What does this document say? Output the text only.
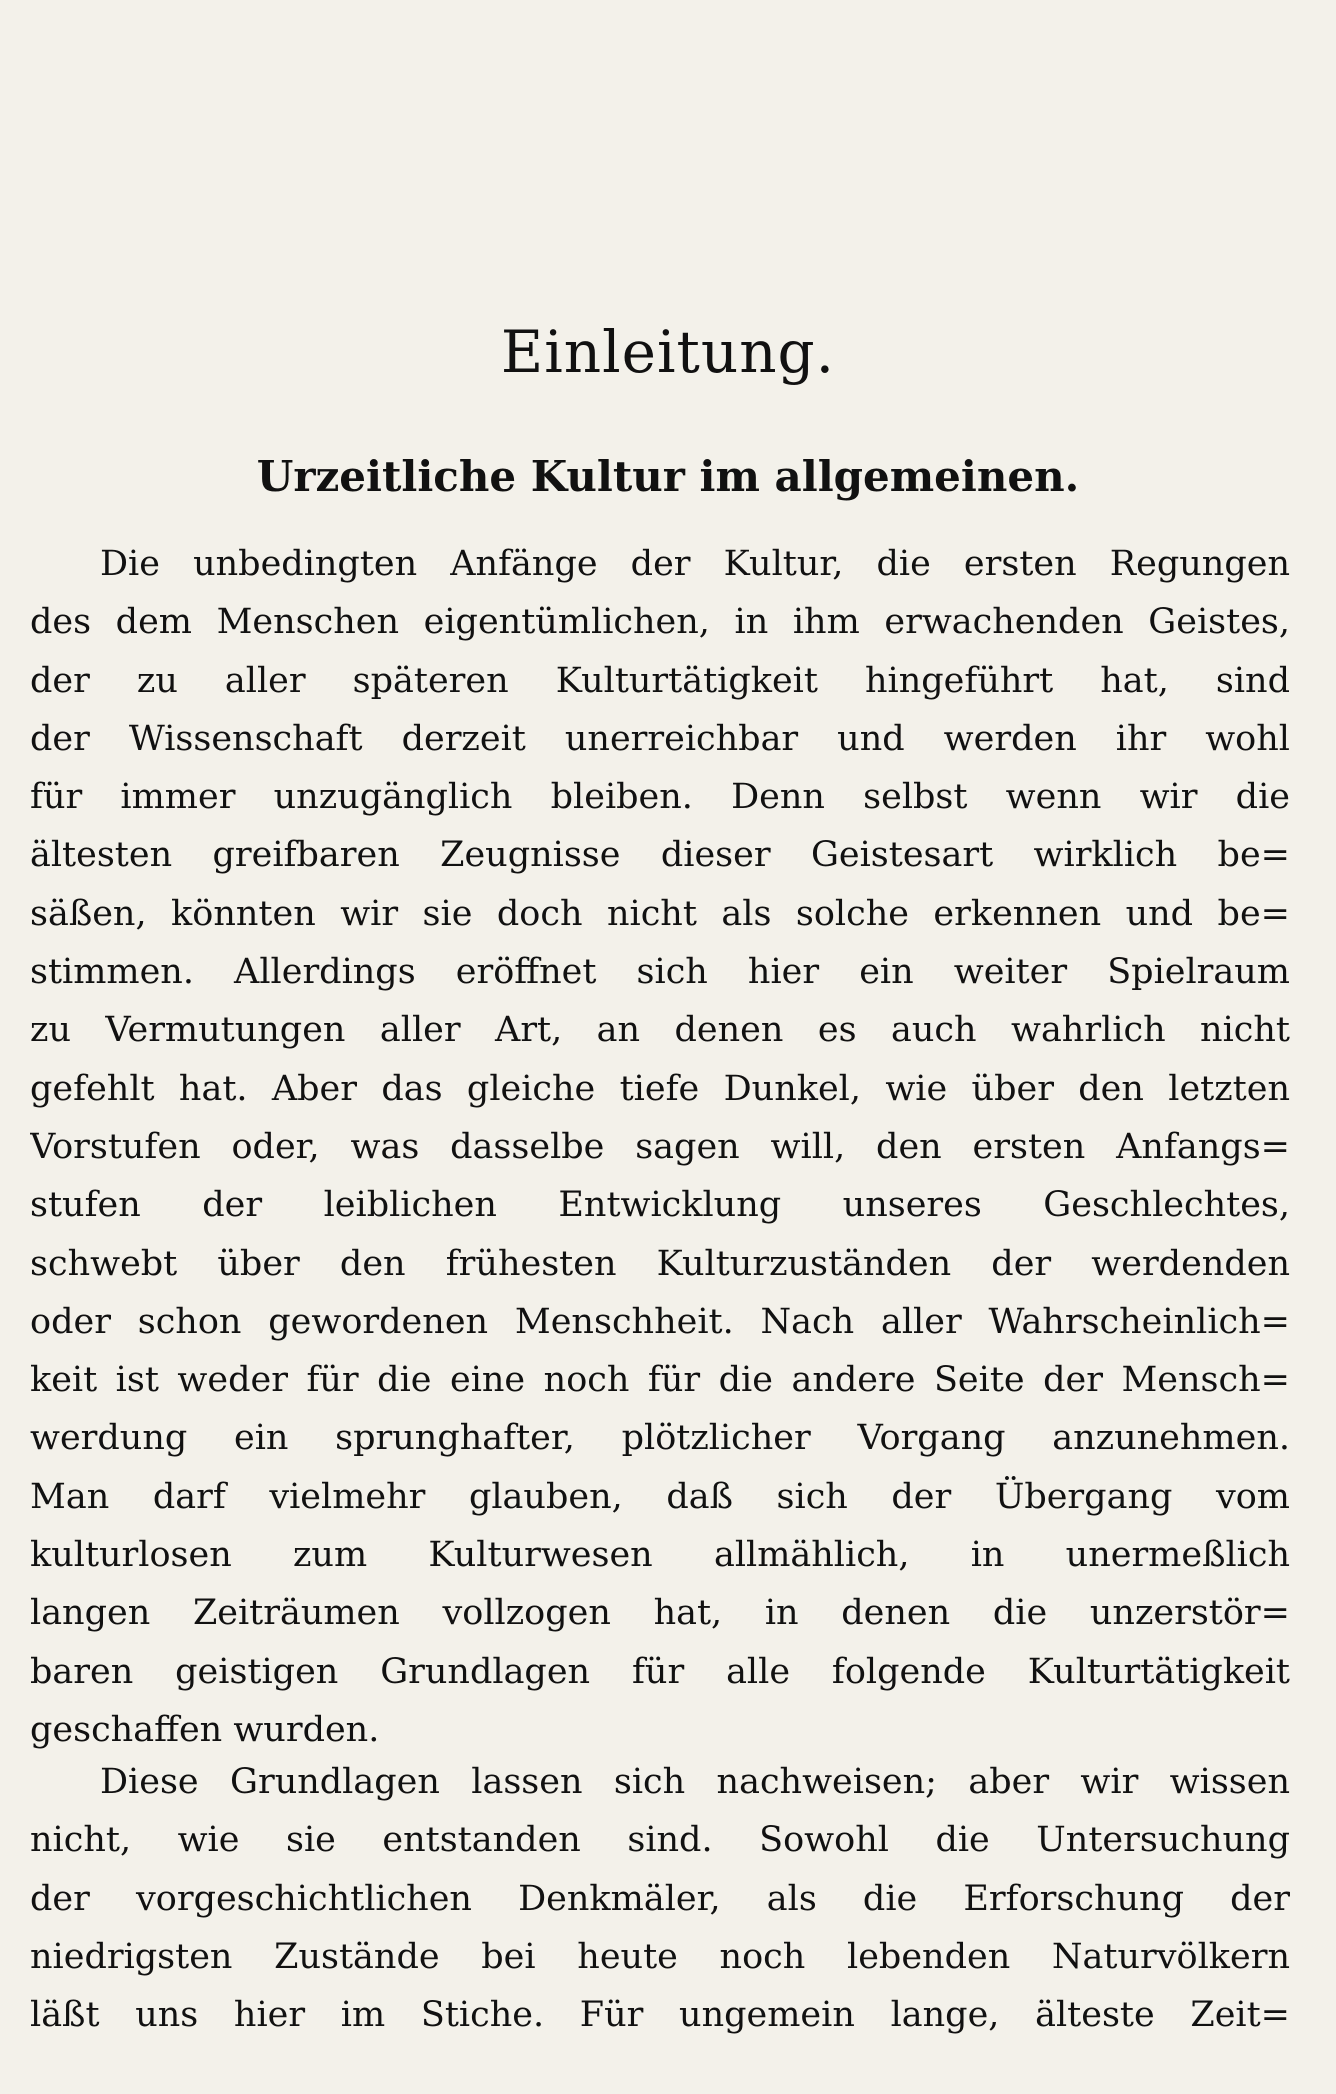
Einleitung.
Urzeitliche Kultur im allgemeinen.
Die unbedingten Anfänge der Kultur, die ersten Regungen
des dem Menschen eigentümlichen, in ihm erwachenden Geistes,
der zu aller späteren Kulturtätigkeit hingeführt hat, sind
der Wissenschaft derzeit unerreichbar und werden ihr wohl
für immer unzugänglich bleiben. Denn selbst wenn wir die
ältesten greifbaren Zeugnisse dieser Geistesart wirklich be=
säßen, könnten wir sie doch nicht als solche erkennen und be=
stimmen. Allerdings eröffnet sich hier ein weiter Spielraum
zu Vermutungen aller Art, an denen es auch wahrlich nicht
gefehlt hat. Aber das gleiche tiefe Dunkel, wie über den letzten
Vorstufen oder, was dasselbe sagen will, den ersten Anfangs=
stufen der leiblichen Entwicklung unseres Geschlechtes,
schwebt über den frühesten Kulturzuständen der werdenden
oder schon gewordenen Menschheit. Nach aller Wahrscheinlich=
keit ist weder für die eine noch für die andere Seite der Mensch=
werdung ein sprunghafter, plötzlicher Vorgang anzunehmen.
Man darf vielmehr glauben, daß sich der Übergang vom
kulturlosen zum Kulturwesen allmählich, in unermeßlich
langen Zeiträumen vollzogen hat, in denen die unzerstör=
baren geistigen Grundlagen für alle folgende Kulturtätigkeit
geschaffen wurden.
Diese Grundlagen lassen sich nachweisen; aber wir wissen
nicht, wie sie entstanden sind. Sowohl die Untersuchung
der vorgeschichtlichen Denkmäler, als die Erforschung der
niedrigsten Zustände bei heute noch lebenden Naturvölkern
läßt uns hier im Stiche. Für ungemein lange, älteste Zeit=
